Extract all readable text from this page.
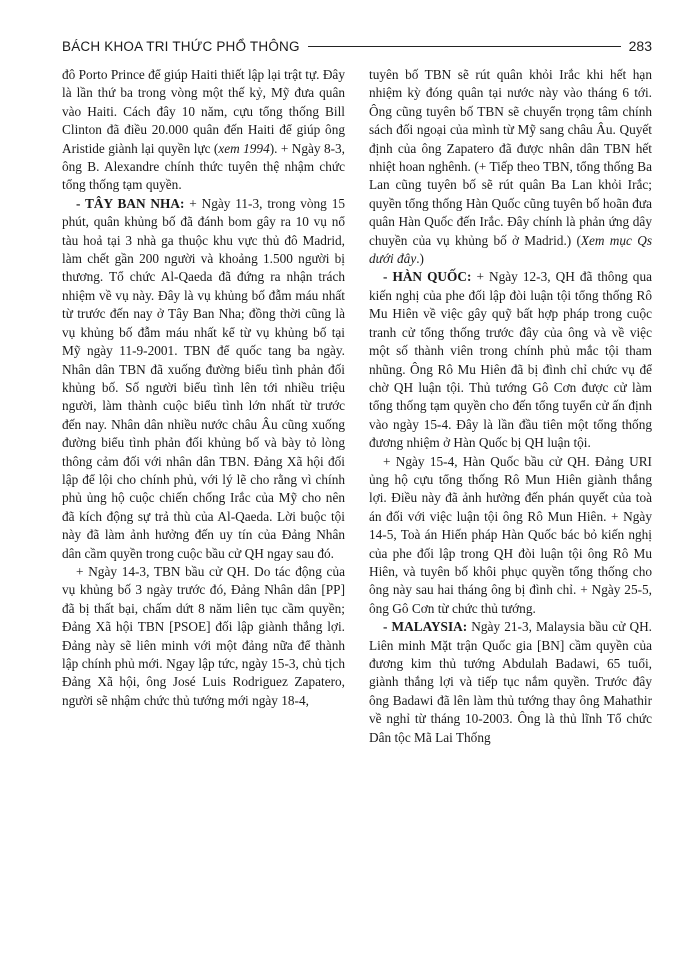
BÁCH KHOA TRI THỨC PHỔ THÔNG	283

đô Porto Prince để giúp Haiti thiết lập lại trật tự. Đây là lần thứ ba trong vòng một thế kỷ, Mỹ đưa quân vào Haiti. Cách đây 10 năm, cựu tổng thống Bill Clinton đã điều 20.000 quân đến Haiti để giúp ông Aristide giành lại quyền lực (xem 1994). + Ngày 8-3, ông B. Alexandre chính thức tuyên thệ nhậm chức tổng thống tạm quyền.

- TÂY BAN NHA: + Ngày 11-3, trong vòng 15 phút, quân khủng bố đã đánh bom gây ra 10 vụ nổ tàu hoả tại 3 nhà ga thuộc khu vực thủ đô Madrid, làm chết gần 200 người và khoảng 1.500 người bị thương. Tổ chức Al-Qaeda đã đứng ra nhận trách nhiệm về vụ này. Đây là vụ khủng bố đẫm máu nhất từ trước đến nay ở Tây Ban Nha; đồng thời cũng là vụ khủng bố đẫm máu nhất kể từ vụ khủng bố tại Mỹ ngày 11-9-2001. TBN để quốc tang ba ngày. Nhân dân TBN đã xuống đường biểu tình phản đối khủng bố. Số người biểu tình lên tới nhiều triệu người, làm thành cuộc biểu tình lớn nhất từ trước đến nay. Nhân dân nhiều nước châu Âu cũng xuống đường biểu tình phản đối khủng bố và bày tỏ lòng thông cảm đối với nhân dân TBN. Đảng Xã hội đối lập để lội cho chính phủ, với lý lẽ cho rằng vì chính phủ ủng hộ cuộc chiến chống Irắc của Mỹ cho nên đã kích động sự trả thù của Al-Qaeda. Lời buộc tội này đã làm ảnh hưởng đến uy tín của Đảng Nhân dân cầm quyền trong cuộc bầu cử QH ngay sau đó.

+ Ngày 14-3, TBN bầu cử QH. Do tác động của vụ khủng bố 3 ngày trước đó, Đảng Nhân dân [PP] đã bị thất bại, chấm dứt 8 năm liên tục cầm quyền; Đảng Xã hội TBN [PSOE] đối lập giành thắng lợi. Đảng này sẽ liên minh với một đảng nữa để thành lập chính phủ mới. Ngay lập tức, ngày 15-3, chủ tịch Đảng Xã hội, ông José Luis Rodriguez Zapatero, người sẽ nhậm chức thủ tướng mới ngày 18-4,

tuyên bố TBN sẽ rút quân khỏi Irắc khi hết hạn nhiệm kỳ đóng quân tại nước này vào tháng 6 tới. Ông cũng tuyên bố TBN sẽ chuyển trọng tâm chính sách đối ngoại của mình từ Mỹ sang châu Âu. Quyết định của ông Zapatero đã được nhân dân TBN hết nhiệt hoan nghênh. (+ Tiếp theo TBN, tổng thống Ba Lan cũng tuyên bố sẽ rút quân Ba Lan khỏi Irắc; quyền tổng thống Hàn Quốc cũng tuyên bố hoãn đưa quân Hàn Quốc đến Irắc. Đây chính là phản ứng dây chuyền của vụ khủng bố ở Madrid.) (Xem mục Qs dưới đây.)

- HÀN QUỐC: + Ngày 12-3, QH đã thông qua kiến nghị của phe đối lập đòi luận tội tổng thống Rô Mu Hiên về việc gây quỹ bất hợp pháp trong cuộc tranh cử tổng thống trước đây của ông và về việc một số thành viên trong chính phủ mắc tội tham nhũng. Ông Rô Mu Hiên đã bị đình chỉ chức vụ để chờ QH luận tội. Thủ tướng Gô Cơn được cử làm tổng thống tạm quyền cho đến tổng tuyển cử ấn định vào ngày 15-4. Đây là lần đầu tiên một tổng thống đương nhiệm ở Hàn Quốc bị QH luận tội.

+ Ngày 15-4, Hàn Quốc bầu cử QH. Đảng URI ủng hộ cựu tổng thống Rô Mun Hiên giành thắng lợi. Điều này đã ảnh hưởng đến phán quyết của toà án đối với việc luận tội ông Rô Mun Hiên. + Ngày 14-5, Toà án Hiến pháp Hàn Quốc bác bỏ kiến nghị của phe đối lập trong QH đòi luận tội ông Rô Mu Hiên, và tuyên bố khôi phục quyền tổng thống cho ông này sau hai tháng ông bị đình chỉ. + Ngày 25-5, ông Gô Cơn từ chức thủ tướng.

- MALAYSIA: Ngày 21-3, Malaysia bầu cử QH. Liên minh Mặt trận Quốc gia [BN] cầm quyền của đương kim thủ tướng Abdulah Badawi, 65 tuổi, giành thắng lợi và tiếp tục nắm quyền. Trước đây ông Badawi đã lên làm thủ tướng thay ông Mahathir về nghỉ từ tháng 10-2003. Ông là thủ lĩnh Tổ chức Dân tộc Mã Lai Thống
